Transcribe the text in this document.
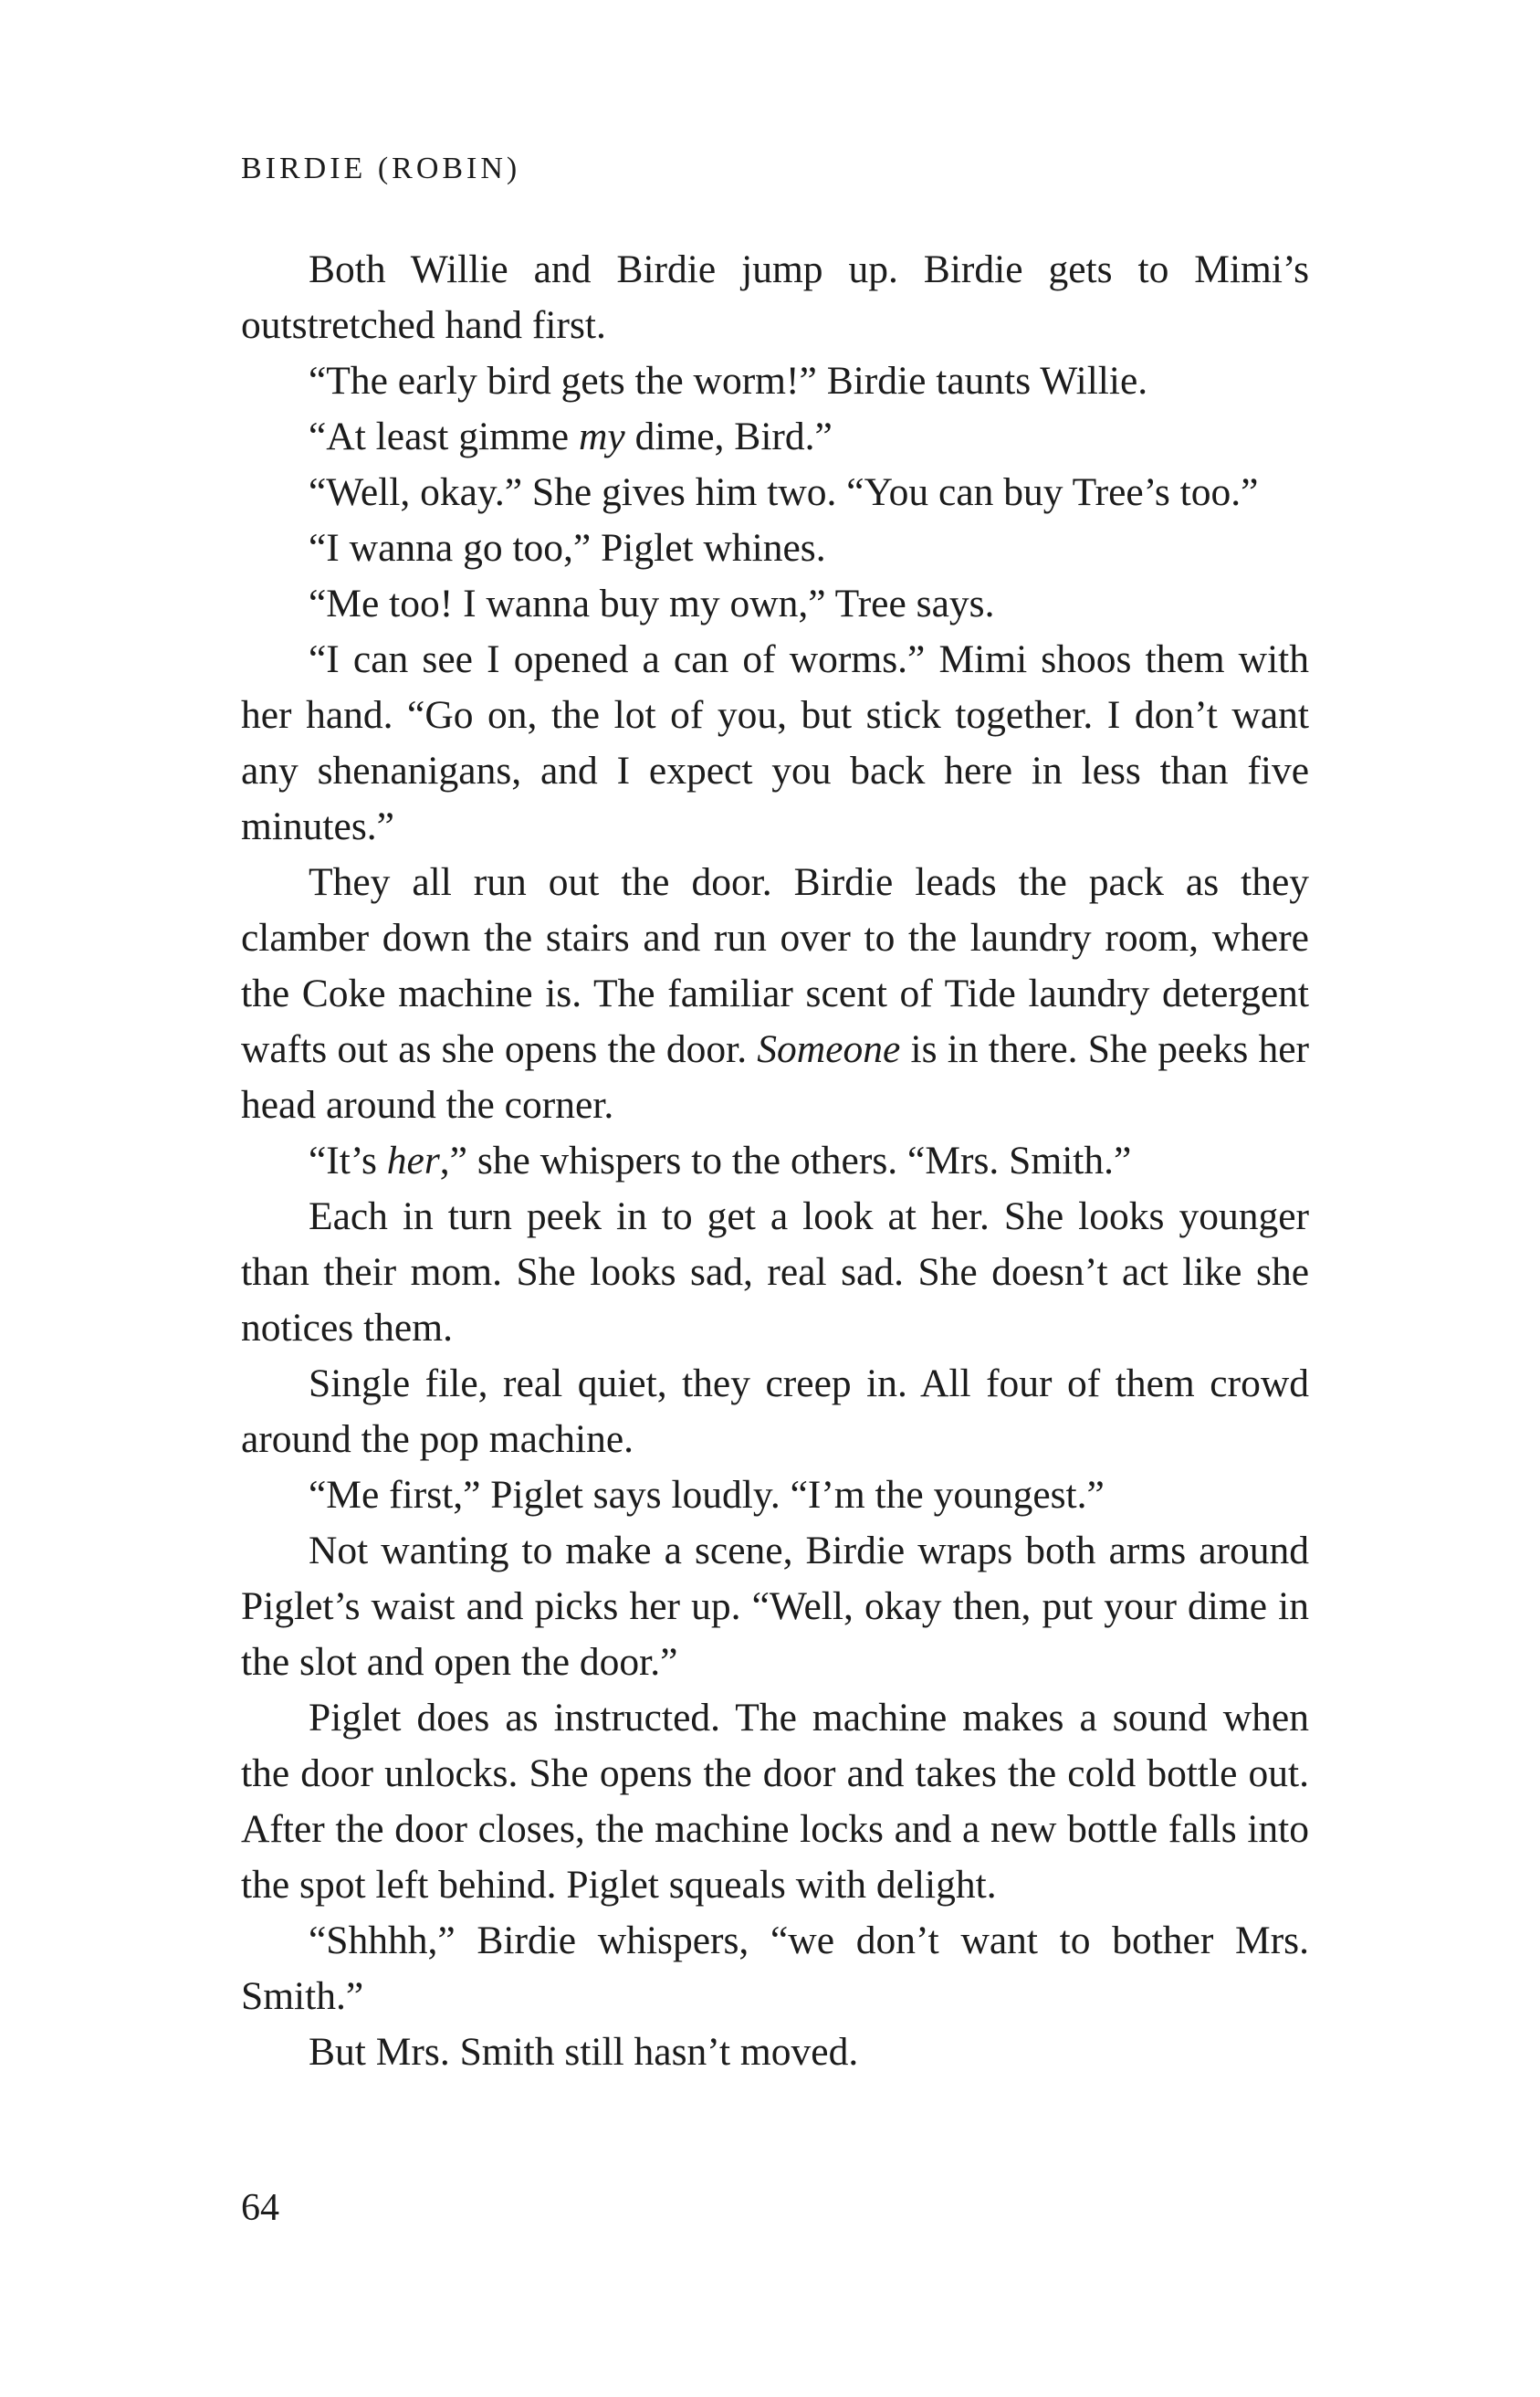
BIRDIE (ROBIN)

Both Willie and Birdie jump up. Birdie gets to Mimi’s outstretched hand first.

“The early bird gets the worm!” Birdie taunts Willie.

“At least gimme my dime, Bird.”

“Well, okay.” She gives him two. “You can buy Tree’s too.”

“I wanna go too,” Piglet whines.

“Me too! I wanna buy my own,” Tree says.

“I can see I opened a can of worms.” Mimi shoos them with her hand. “Go on, the lot of you, but stick together. I don’t want any shenanigans, and I expect you back here in less than five minutes.”

They all run out the door. Birdie leads the pack as they clamber down the stairs and run over to the laundry room, where the Coke machine is. The familiar scent of Tide laundry detergent wafts out as she opens the door. Someone is in there. She peeks her head around the corner.

“It’s her,” she whispers to the others. “Mrs. Smith.”

Each in turn peek in to get a look at her. She looks younger than their mom. She looks sad, real sad. She doesn’t act like she notices them.

Single file, real quiet, they creep in. All four of them crowd around the pop machine.

“Me first,” Piglet says loudly. “I’m the youngest.”

Not wanting to make a scene, Birdie wraps both arms around Piglet’s waist and picks her up. “Well, okay then, put your dime in the slot and open the door.”

Piglet does as instructed. The machine makes a sound when the door unlocks. She opens the door and takes the cold bottle out. After the door closes, the machine locks and a new bottle falls into the spot left behind. Piglet squeals with delight.

“Shhhh,” Birdie whispers, “we don’t want to bother Mrs. Smith.”

But Mrs. Smith still hasn’t moved.

64
